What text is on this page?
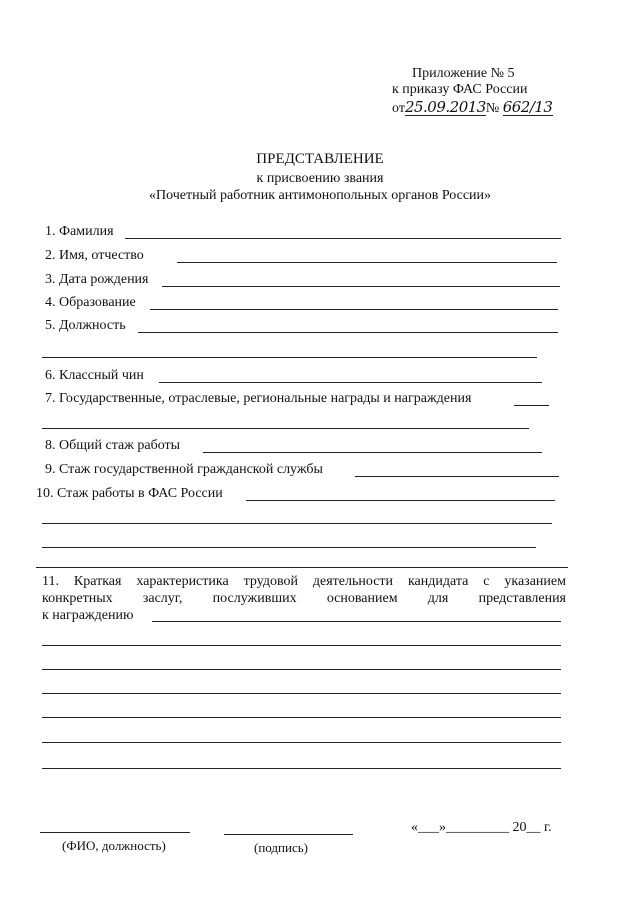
Приложение № 5
к приказу ФАС России
от25.09.2013№ 662/13
ПРЕДСТАВЛЕНИЕ
к присвоению звания
«Почетный работник антимонопольных органов России»
1. Фамилия
2. Имя, отчество
3. Дата рождения
4. Образование
5. Должность
6. Классный чин
7. Государственные, отраслевые, региональные награды и награждения
8. Общий стаж работы
9. Стаж государственной гражданской службы
10. Стаж работы в ФАС России
11. Краткая характеристика трудовой деятельности кандидата с указанием
конкретных заслуг, послуживших основанием для представления
к награждению
(ФИО, должность)	(подпись)
«___»_________ 20__ г.
